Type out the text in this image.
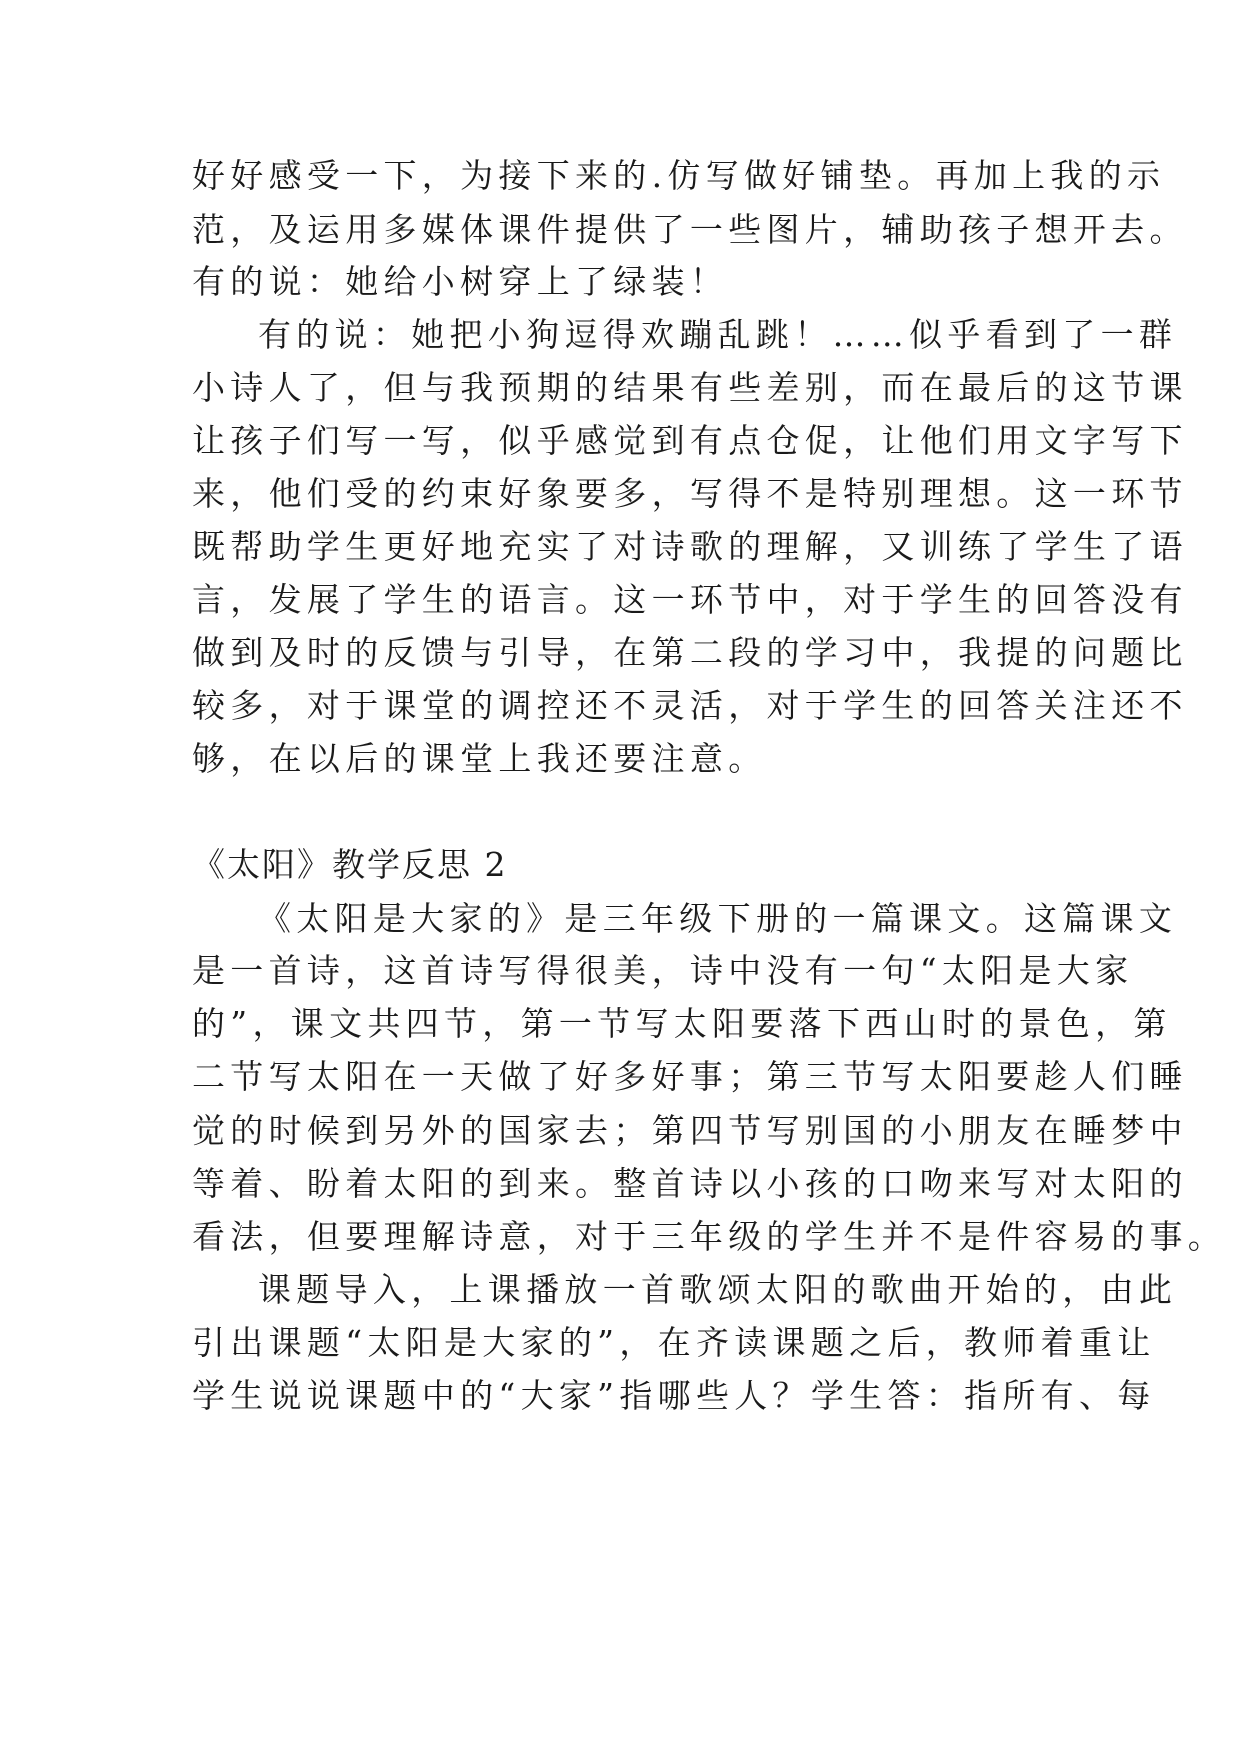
好好感受一下，为接下来的.仿写做好铺垫。再加上我的示
范，及运用多媒体课件提供了一些图片，辅助孩子想开去。
有的说：她给小树穿上了绿装！
有的说：她把小狗逗得欢蹦乱跳！……似乎看到了一群
小诗人了，但与我预期的结果有些差别，而在最后的这节课
让孩子们写一写，似乎感觉到有点仓促，让他们用文字写下
来，他们受的约束好象要多，写得不是特别理想。这一环节
既帮助学生更好地充实了对诗歌的理解，又训练了学生了语
言，发展了学生的语言。这一环节中，对于学生的回答没有
做到及时的反馈与引导，在第二段的学习中，我提的问题比
较多，对于课堂的调控还不灵活，对于学生的回答关注还不
够，在以后的课堂上我还要注意。
《太阳》教学反思 2
《太阳是大家的》是三年级下册的一篇课文。这篇课文
是一首诗，这首诗写得很美，诗中没有一句“太阳是大家
的”，课文共四节，第一节写太阳要落下西山时的景色，第
二节写太阳在一天做了好多好事；第三节写太阳要趁人们睡
觉的时候到另外的国家去；第四节写别国的小朋友在睡梦中
等着、盼着太阳的到来。整首诗以小孩的口吻来写对太阳的
看法，但要理解诗意，对于三年级的学生并不是件容易的事。
课题导入，上课播放一首歌颂太阳的歌曲开始的，由此
引出课题“太阳是大家的”，在齐读课题之后，教师着重让
学生说说课题中的“大家”指哪些人？学生答：指所有、每
